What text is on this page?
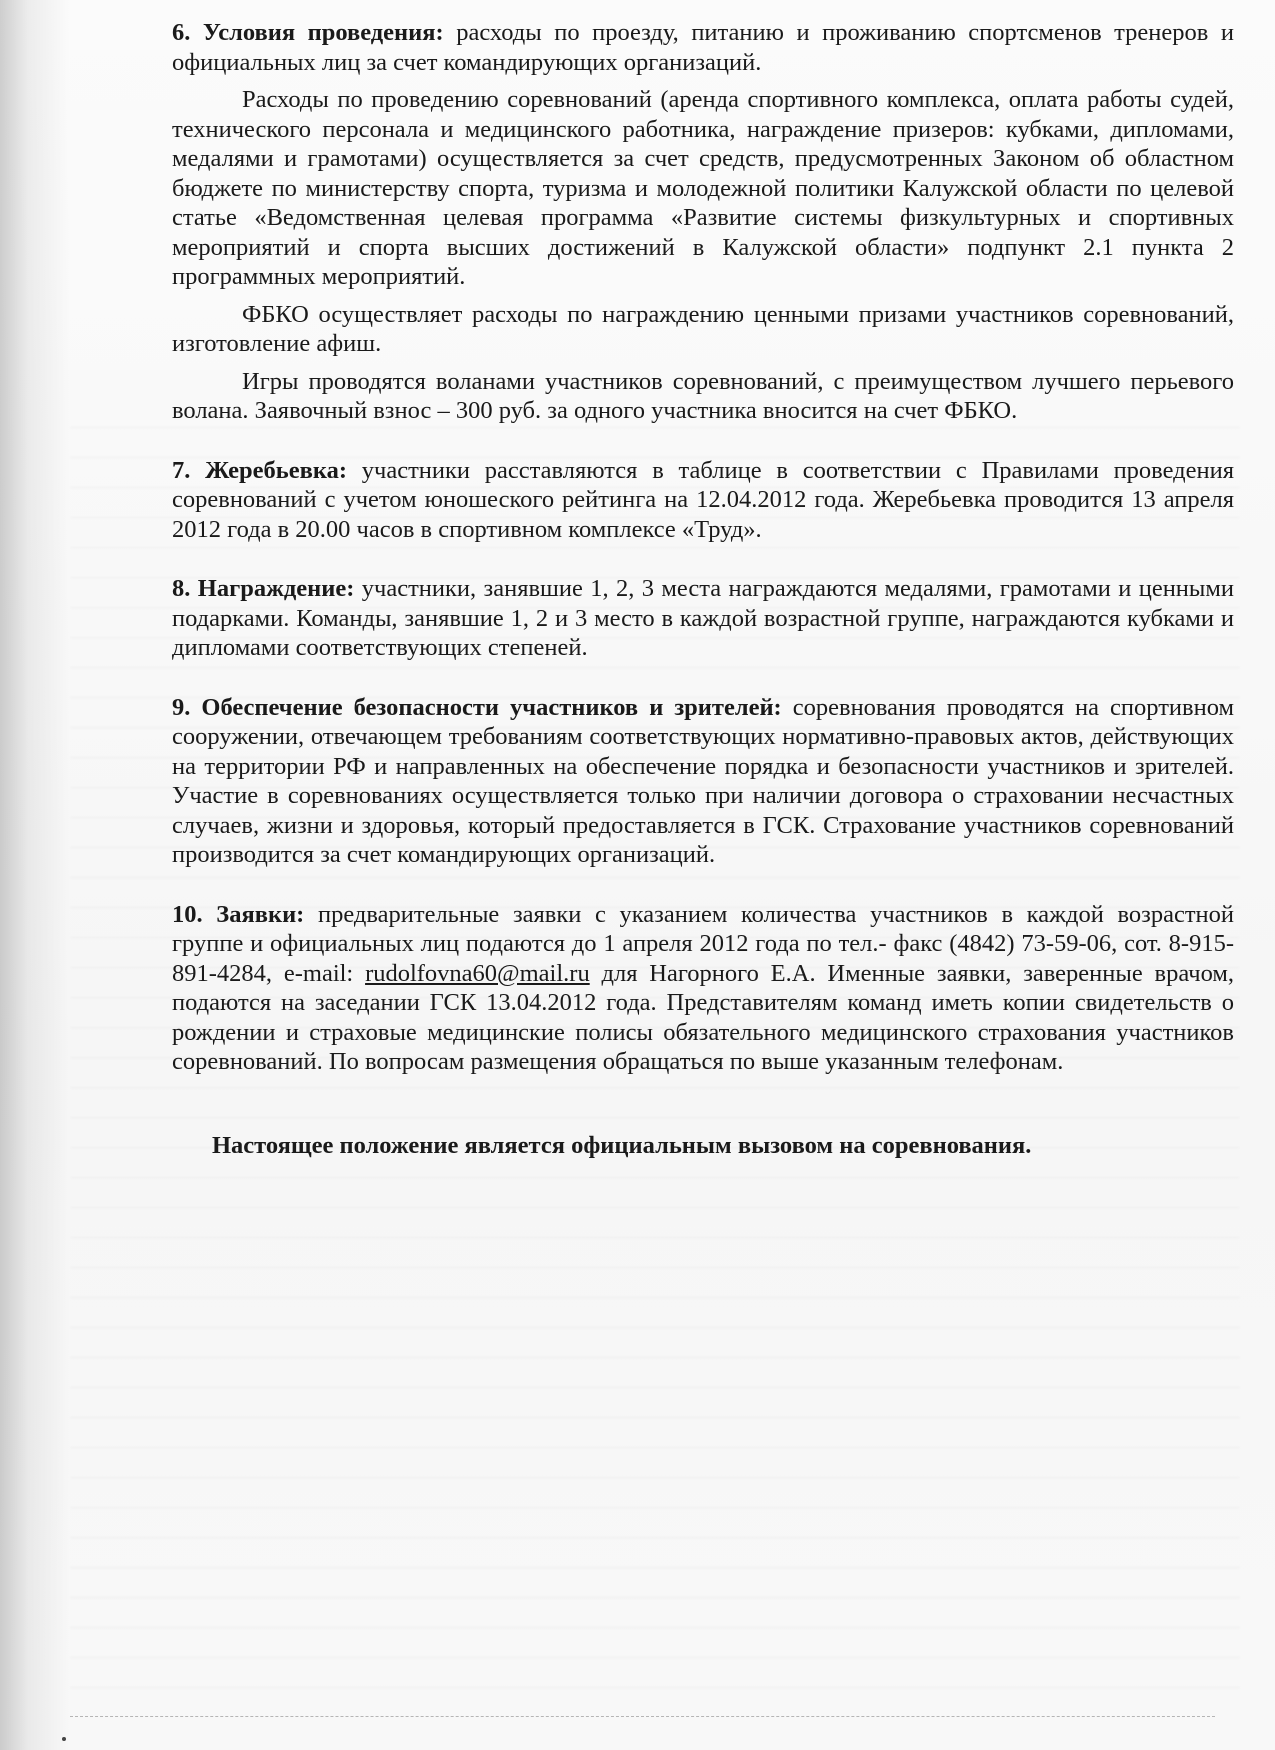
6. Условия проведения: расходы по проезду, питанию и проживанию спортсменов тренеров и официальных лиц за счет командирующих организаций.

Расходы по проведению соревнований (аренда спортивного комплекса, оплата работы судей, технического персонала и медицинского работника, награждение призеров: кубками, дипломами, медалями и грамотами) осуществляется за счет средств, предусмотренных Законом об областном бюджете по министерству спорта, туризма и молодежной политики Калужской области по целевой статье «Ведомственная целевая программа «Развитие системы физкультурных и спортивных мероприятий и спорта высших достижений в Калужской области» подпункт 2.1 пункта 2 программных мероприятий.

ФБКО осуществляет расходы по награждению ценными призами участников соревнований, изготовление афиш.

Игры проводятся воланами участников соревнований, с преимуществом лучшего перьевого волана. Заявочный взнос – 300 руб. за одного участника вносится на счет ФБКО.

7. Жеребьевка: участники расставляются в таблице в соответствии с Правилами проведения соревнований с учетом юношеского рейтинга на 12.04.2012 года. Жеребьевка проводится 13 апреля 2012 года в 20.00 часов в спортивном комплексе «Труд».

8. Награждение: участники, занявшие 1, 2, 3 места награждаются медалями, грамотами и ценными подарками. Команды, занявшие 1, 2 и 3 место в каждой возрастной группе, награждаются кубками и дипломами соответствующих степеней.

9. Обеспечение безопасности участников и зрителей: соревнования проводятся на спортивном сооружении, отвечающем требованиям соответствующих нормативно-правовых актов, действующих на территории РФ и направленных на обеспечение порядка и безопасности участников и зрителей. Участие в соревнованиях осуществляется только при наличии договора о страховании несчастных случаев, жизни и здоровья, который предоставляется в ГСК. Страхование участников соревнований производится за счет командирующих организаций.

10. Заявки: предварительные заявки с указанием количества участников в каждой возрастной группе и официальных лиц подаются до 1 апреля 2012 года по тел.- факс (4842) 73-59-06, сот. 8-915-891-4284, e-mail: rudolfovna60@mail.ru для Нагорного Е.А. Именные заявки, заверенные врачом, подаются на заседании ГСК 13.04.2012 года. Представителям команд иметь копии свидетельств о рождении и страховые медицинские полисы обязательного медицинского страхования участников соревнований. По вопросам размещения обращаться по выше указанным телефонам.

Настоящее положение является официальным вызовом на соревнования.
